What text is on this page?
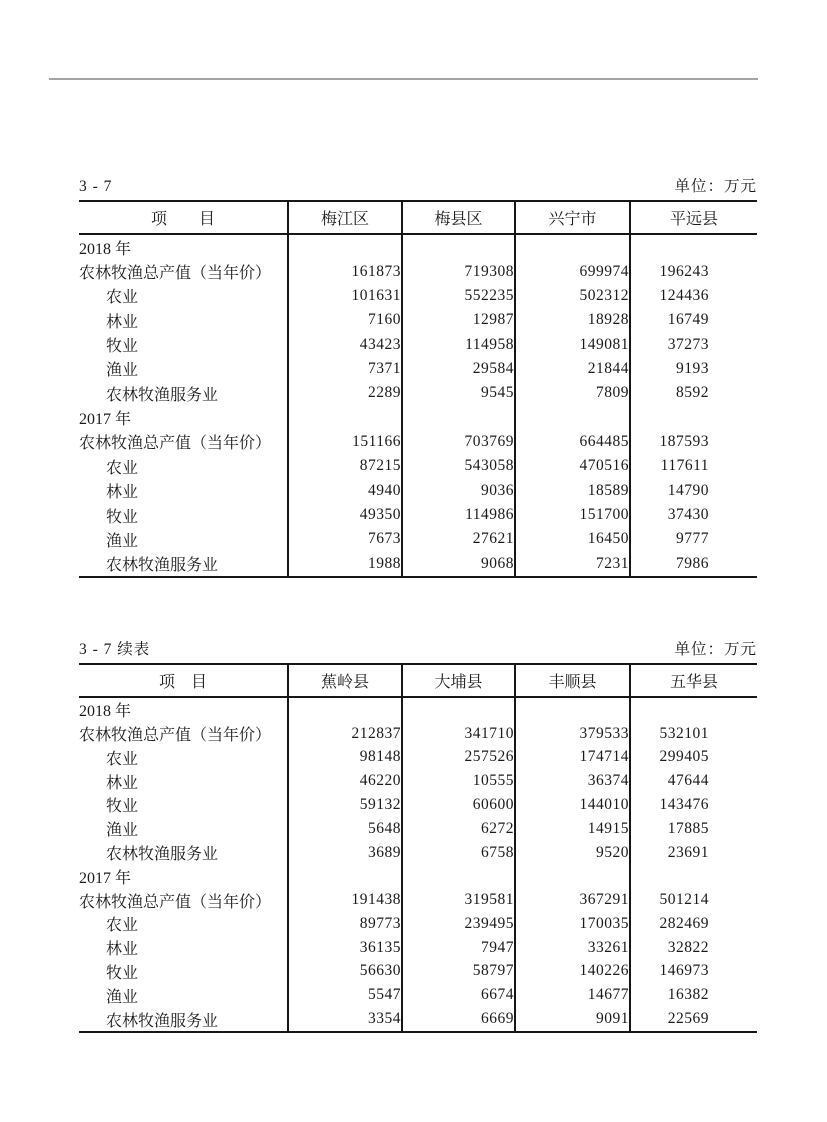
3 - 7	单位：万元
项　　目	梅江区	梅县区	兴宁市	平远县
2018 年				
农林牧渔总产值（当年价）	161873	719308	699974	196243
农业	101631	552235	502312	124436
林业	7160	12987	18928	16749
牧业	43423	114958	149081	37273
渔业	7371	29584	21844	9193
农林牧渔服务业	2289	9545	7809	8592
2017 年				
农林牧渔总产值（当年价）	151166	703769	664485	187593
农业	87215	543058	470516	117611
林业	4940	9036	18589	14790
牧业	49350	114986	151700	37430
渔业	7673	27621	16450	9777
农林牧渔服务业	1988	9068	7231	7986
3 - 7 续表	单位：万元
项　目	蕉岭县	大埔县	丰顺县	五华县
2018 年				
农林牧渔总产值（当年价）	212837	341710	379533	532101
农业	98148	257526	174714	299405
林业	46220	10555	36374	47644
牧业	59132	60600	144010	143476
渔业	5648	6272	14915	17885
农林牧渔服务业	3689	6758	9520	23691
2017 年				
农林牧渔总产值（当年价）	191438	319581	367291	501214
农业	89773	239495	170035	282469
林业	36135	7947	33261	32822
牧业	56630	58797	140226	146973
渔业	5547	6674	14677	16382
农林牧渔服务业	3354	6669	9091	22569
